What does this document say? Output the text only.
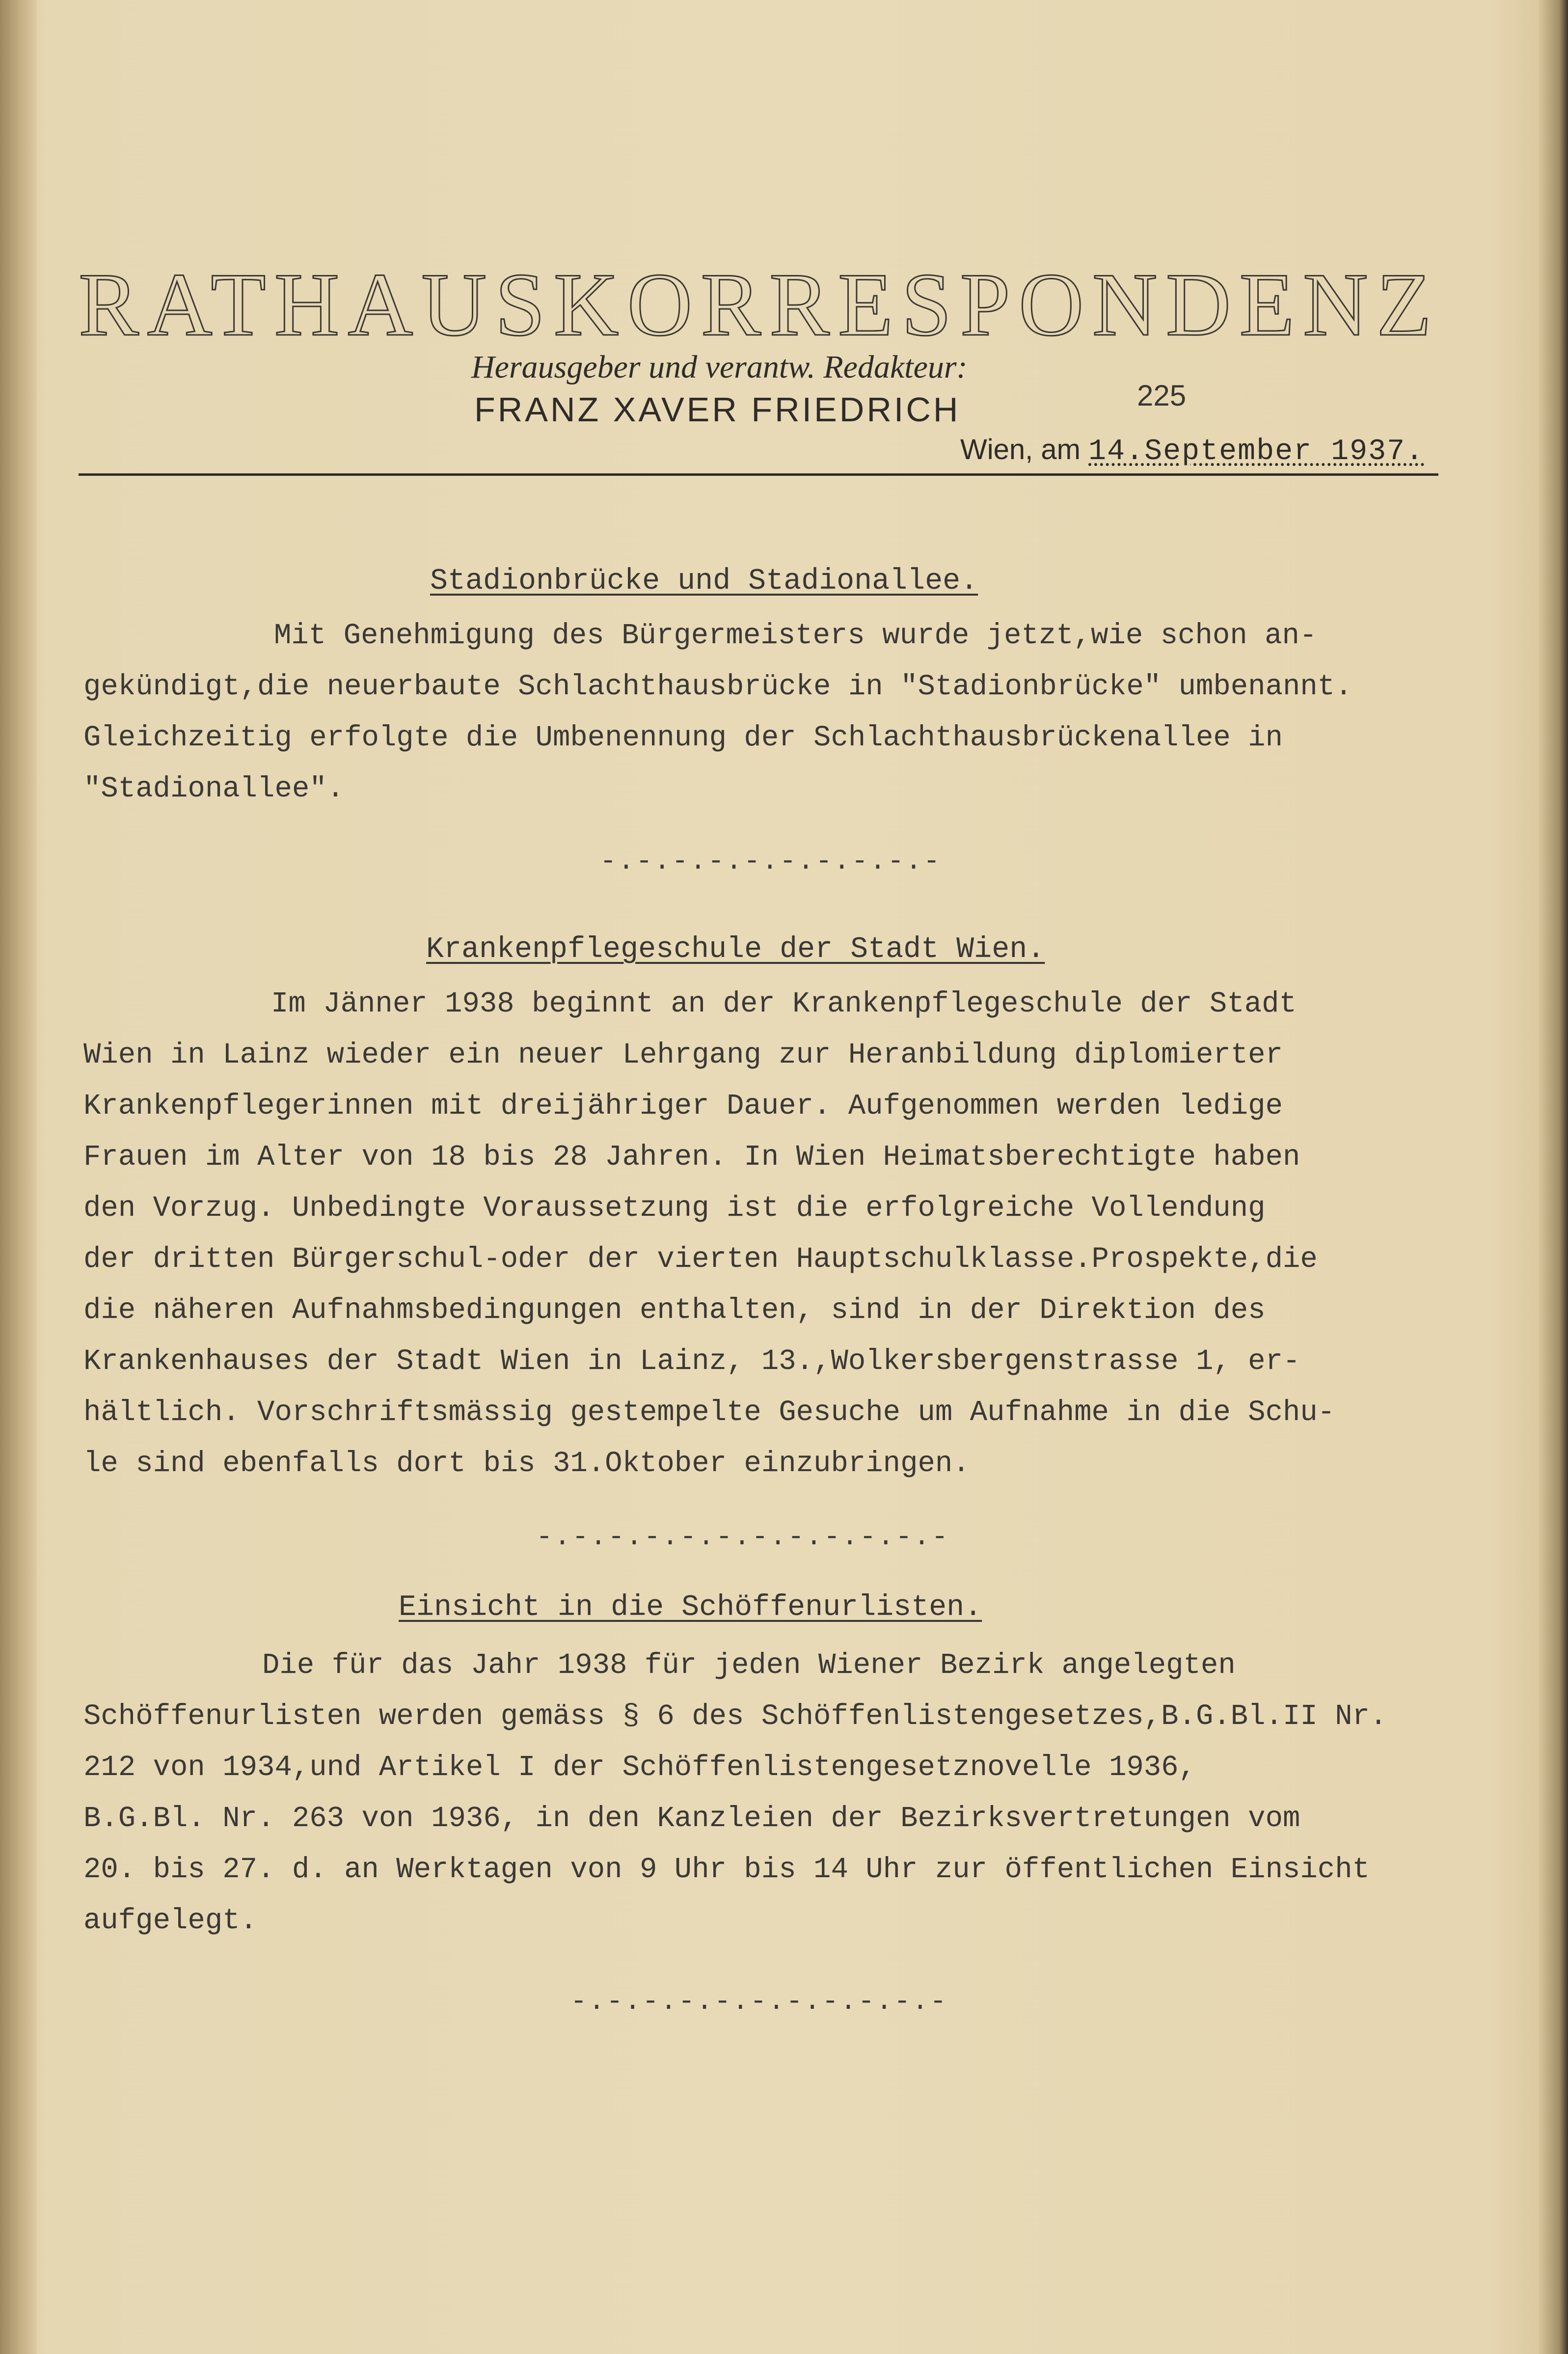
RATHAUSKORRESPONDENZ
Herausgeber und verantw. Redakteur:
FRANZ XAVER FRIEDRICH	225
Wien, am 14.September 1937.
Stadionbrücke und Stadionallee.
Mit Genehmigung des Bürgermeisters wurde jetzt,wie schon an-
gekündigt,die neuerbaute Schlachthausbrücke in "Stadionbrücke" umbenannt.
Gleichzeitig erfolgte die Umbenennung der Schlachthausbrückenallee in
"Stadionallee".
-.-.-.-.-.-.-.-.-.-
Krankenpflegeschule der Stadt Wien.
Im Jänner 1938 beginnt an der Krankenpflegeschule der Stadt
Wien in Lainz wieder ein neuer Lehrgang zur Heranbildung diplomierter
Krankenpflegerinnen mit dreijähriger Dauer. Aufgenommen werden ledige
Frauen im Alter von 18 bis 28 Jahren. In Wien Heimatsberechtigte haben
den Vorzug. Unbedingte Voraussetzung ist die erfolgreiche Vollendung
der dritten Bürgerschul-oder der vierten Hauptschulklasse.Prospekte,die
die näheren Aufnahmsbedingungen enthalten, sind in der Direktion des
Krankenhauses der Stadt Wien in Lainz, 13.,Wolkersbergenstrasse 1, er-
hältlich. Vorschriftsmässig gestempelte Gesuche um Aufnahme in die Schu-
le sind ebenfalls dort bis 31.Oktober einzubringen.
-.-.-.-.-.-.-.-.-.-.-.-
Einsicht in die Schöffenurlisten.
Die für das Jahr 1938 für jeden Wiener Bezirk angelegten
Schöffenurlisten werden gemäss § 6 des Schöffenlistengesetzes,B.G.Bl.II Nr.
212 von 1934,und Artikel I der Schöffenlistengesetznovelle 1936,
B.G.Bl. Nr. 263 von 1936, in den Kanzleien der Bezirksvertretungen vom
20. bis 27. d. an Werktagen von 9 Uhr bis 14 Uhr zur öffentlichen Einsicht
aufgelegt.
-.-.-.-.-.-.-.-.-.-.-
